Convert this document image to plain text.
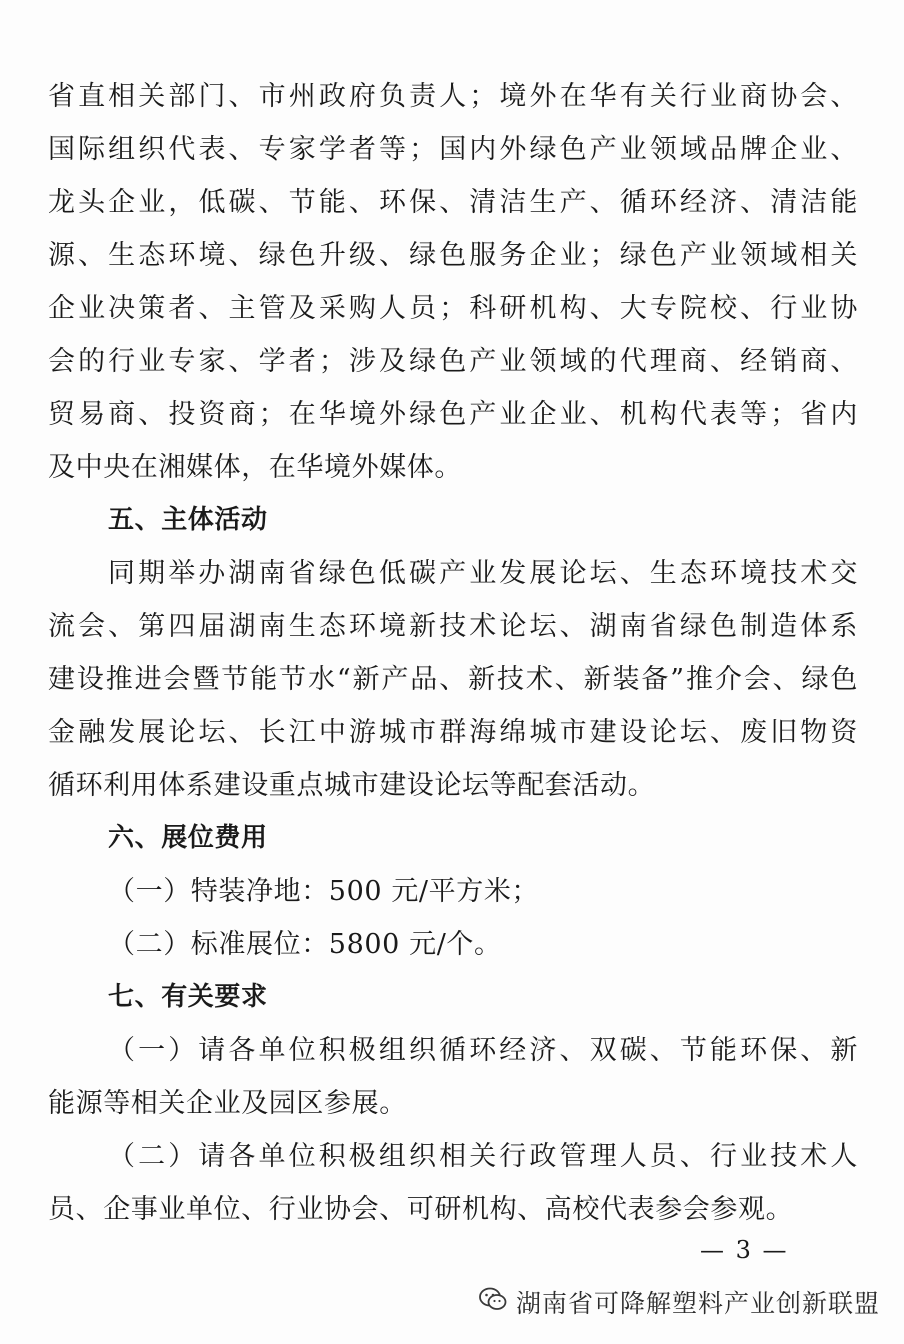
省直相关部门、市州政府负责人；境外在华有关行业商协会、
国际组织代表、专家学者等；国内外绿色产业领域品牌企业、
龙头企业，低碳、节能、环保、清洁生产、循环经济、清洁能
源、生态环境、绿色升级、绿色服务企业；绿色产业领域相关
企业决策者、主管及采购人员；科研机构、大专院校、行业协
会的行业专家、学者；涉及绿色产业领域的代理商、经销商、
贸易商、投资商；在华境外绿色产业企业、机构代表等；省内
及中央在湘媒体，在华境外媒体。
五、主体活动
同期举办湖南省绿色低碳产业发展论坛、生态环境技术交
流会、第四届湖南生态环境新技术论坛、湖南省绿色制造体系
建设推进会暨节能节水“新产品、新技术、新装备”推介会、绿色
金融发展论坛、长江中游城市群海绵城市建设论坛、废旧物资
循环利用体系建设重点城市建设论坛等配套活动。
六、展位费用
（一）特装净地：500 元/平方米；
（二）标准展位：5800 元/个。
七、有关要求
（一）请各单位积极组织循环经济、双碳、节能环保、新
能源等相关企业及园区参展。
（二）请各单位积极组织相关行政管理人员、行业技术人
员、企事业单位、行业协会、可研机构、高校代表参会参观。
— 3 —
湖南省可降解塑料产业创新联盟
